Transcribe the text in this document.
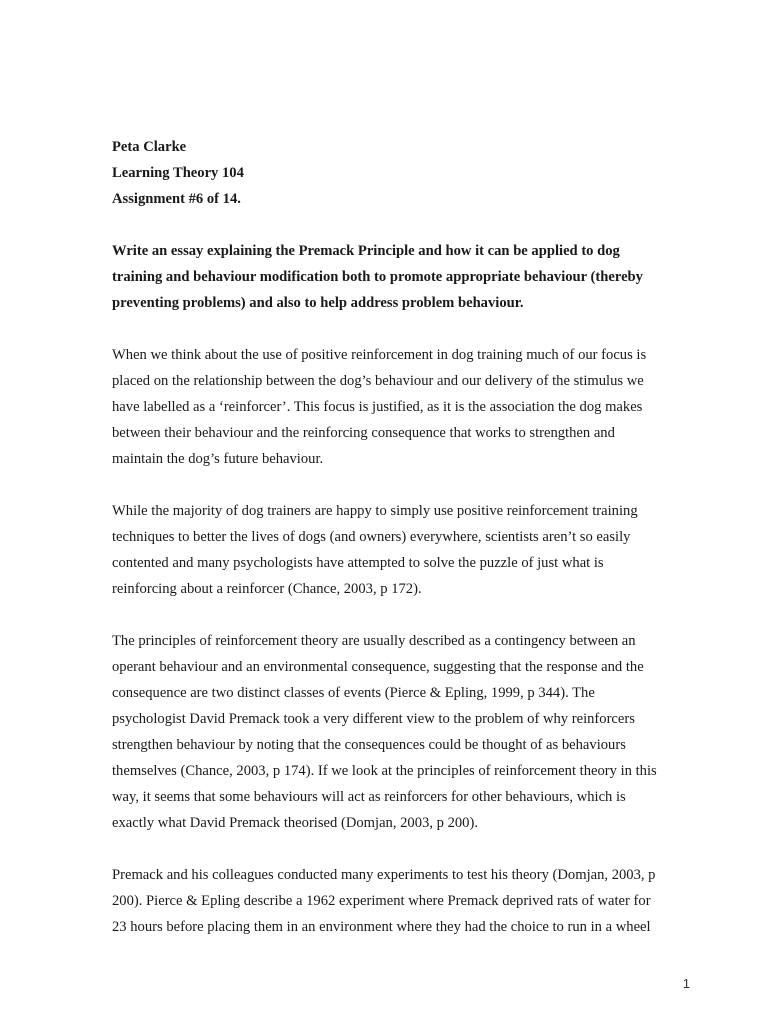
Peta Clarke
Learning Theory 104
Assignment #6 of 14.
Write an essay explaining the Premack Principle and how it can be applied to dog
training and behaviour modification both to promote appropriate behaviour (thereby
preventing problems) and also to help address problem behaviour.
When we think about the use of positive reinforcement in dog training much of our focus is
placed on the relationship between the dog’s behaviour and our delivery of the stimulus we
have labelled as a ‘reinforcer’. This focus is justified, as it is the association the dog makes
between their behaviour and the reinforcing consequence that works to strengthen and
maintain the dog’s future behaviour.
While the majority of dog trainers are happy to simply use positive reinforcement training
techniques to better the lives of dogs (and owners) everywhere, scientists aren’t so easily
contented and many psychologists have attempted to solve the puzzle of just what is
reinforcing about a reinforcer (Chance, 2003, p 172).
The principles of reinforcement theory are usually described as a contingency between an
operant behaviour and an environmental consequence, suggesting that the response and the
consequence are two distinct classes of events (Pierce & Epling, 1999, p 344). The
psychologist David Premack took a very different view to the problem of why reinforcers
strengthen behaviour by noting that the consequences could be thought of as behaviours
themselves (Chance, 2003, p 174). If we look at the principles of reinforcement theory in this
way, it seems that some behaviours will act as reinforcers for other behaviours, which is
exactly what David Premack theorised (Domjan, 2003, p 200).
Premack and his colleagues conducted many experiments to test his theory (Domjan, 2003, p
200). Pierce & Epling describe a 1962 experiment where Premack deprived rats of water for
23 hours before placing them in an environment where they had the choice to run in a wheel
1
